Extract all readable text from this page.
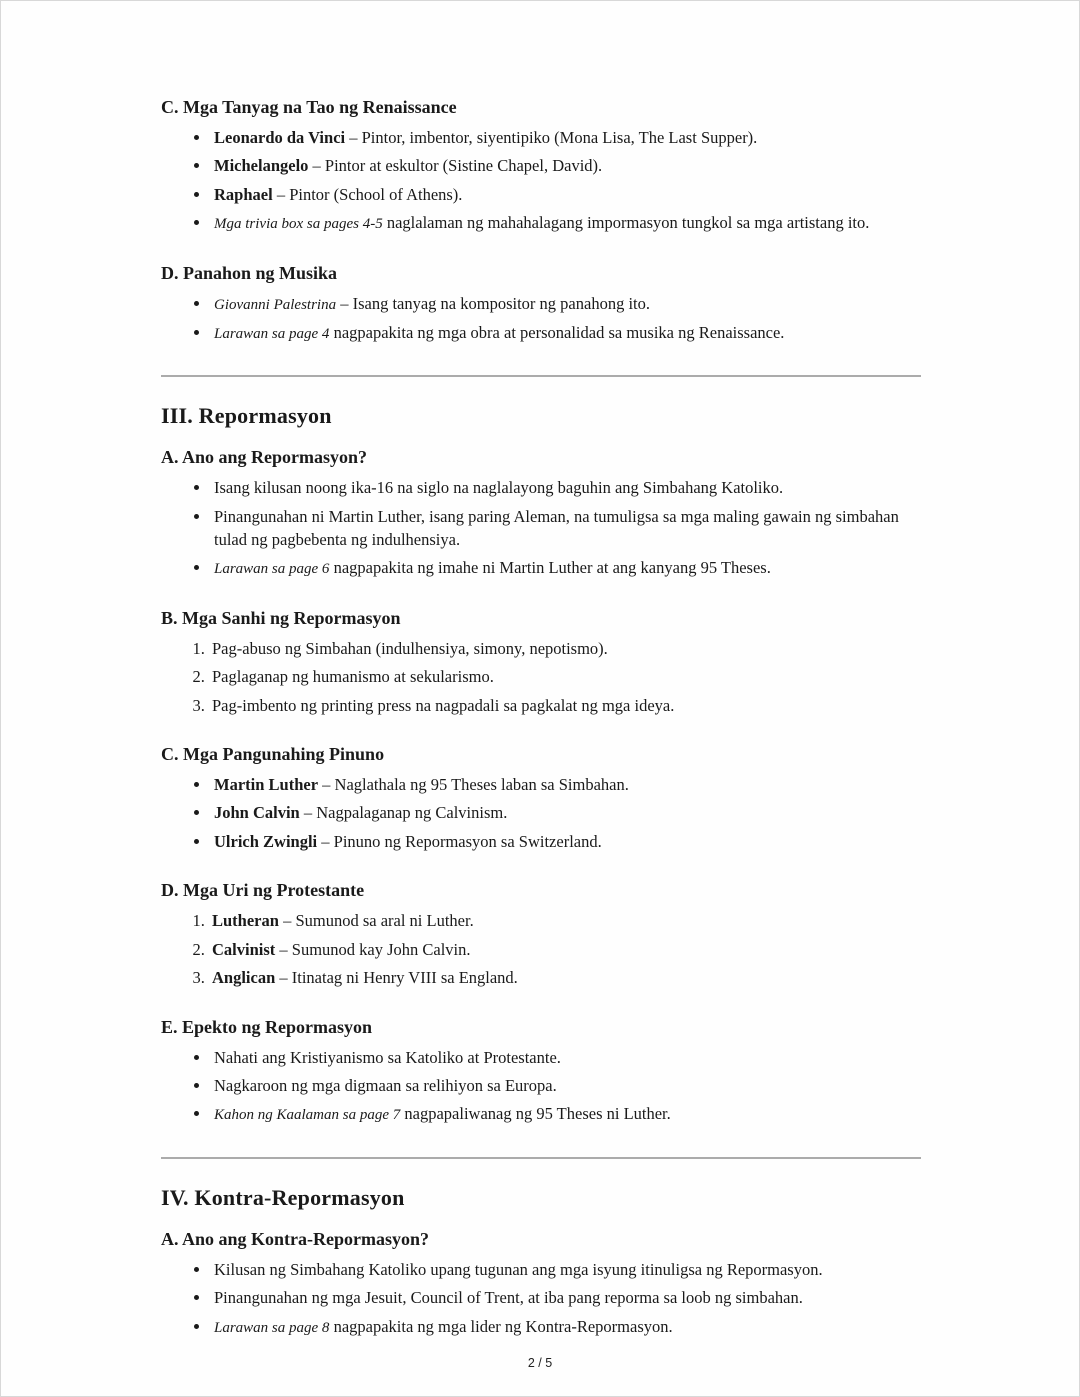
C. Mga Tanyag na Tao ng Renaissance
• Leonardo da Vinci – Pintor, imbentor, siyentipiko (Mona Lisa, The Last Supper).
• Michelangelo – Pintor at eskultor (Sistine Chapel, David).
• Raphael – Pintor (School of Athens).
• Mga trivia box sa pages 4-5 naglalaman ng mahahalagang impormasyon tungkol sa mga artistang ito.
D. Panahon ng Musika
• Giovanni Palestrina – Isang tanyag na kompositor ng panahong ito.
• Larawan sa page 4 nagpapakita ng mga obra at personalidad sa musika ng Renaissance.
III. Repormasyon
A. Ano ang Repormasyon?
• Isang kilusan noong ika-16 na siglo na naglalayong baguhin ang Simbahang Katoliko.
• Pinangunahan ni Martin Luther, isang paring Aleman, na tumuligsa sa mga maling gawain ng simbahan tulad ng pagbebenta ng indulhensiya.
• Larawan sa page 6 nagpapakita ng imahe ni Martin Luther at ang kanyang 95 Theses.
B. Mga Sanhi ng Repormasyon
1. Pag-abuso ng Simbahan (indulhensiya, simony, nepotismo).
2. Paglaganap ng humanismo at sekularismo.
3. Pag-imbento ng printing press na nagpadali sa pagkalat ng mga ideya.
C. Mga Pangunahing Pinuno
• Martin Luther – Naglathala ng 95 Theses laban sa Simbahan.
• John Calvin – Nagpalaganap ng Calvinism.
• Ulrich Zwingli – Pinuno ng Repormasyon sa Switzerland.
D. Mga Uri ng Protestante
1. Lutheran – Sumunod sa aral ni Luther.
2. Calvinist – Sumunod kay John Calvin.
3. Anglican – Itinatag ni Henry VIII sa England.
E. Epekto ng Repormasyon
• Nahati ang Kristiyanismo sa Katoliko at Protestante.
• Nagkaroon ng mga digmaan sa relihiyon sa Europa.
• Kahon ng Kaalaman sa page 7 nagpapaliwanag ng 95 Theses ni Luther.
IV. Kontra-Repormasyon
A. Ano ang Kontra-Repormasyon?
• Kilusan ng Simbahang Katoliko upang tugunan ang mga isyung itinuligsa ng Repormasyon.
• Pinangunahan ng mga Jesuit, Council of Trent, at iba pang reporma sa loob ng simbahan.
• Larawan sa page 8 nagpapakita ng mga lider ng Kontra-Repormasyon.
2 / 5
